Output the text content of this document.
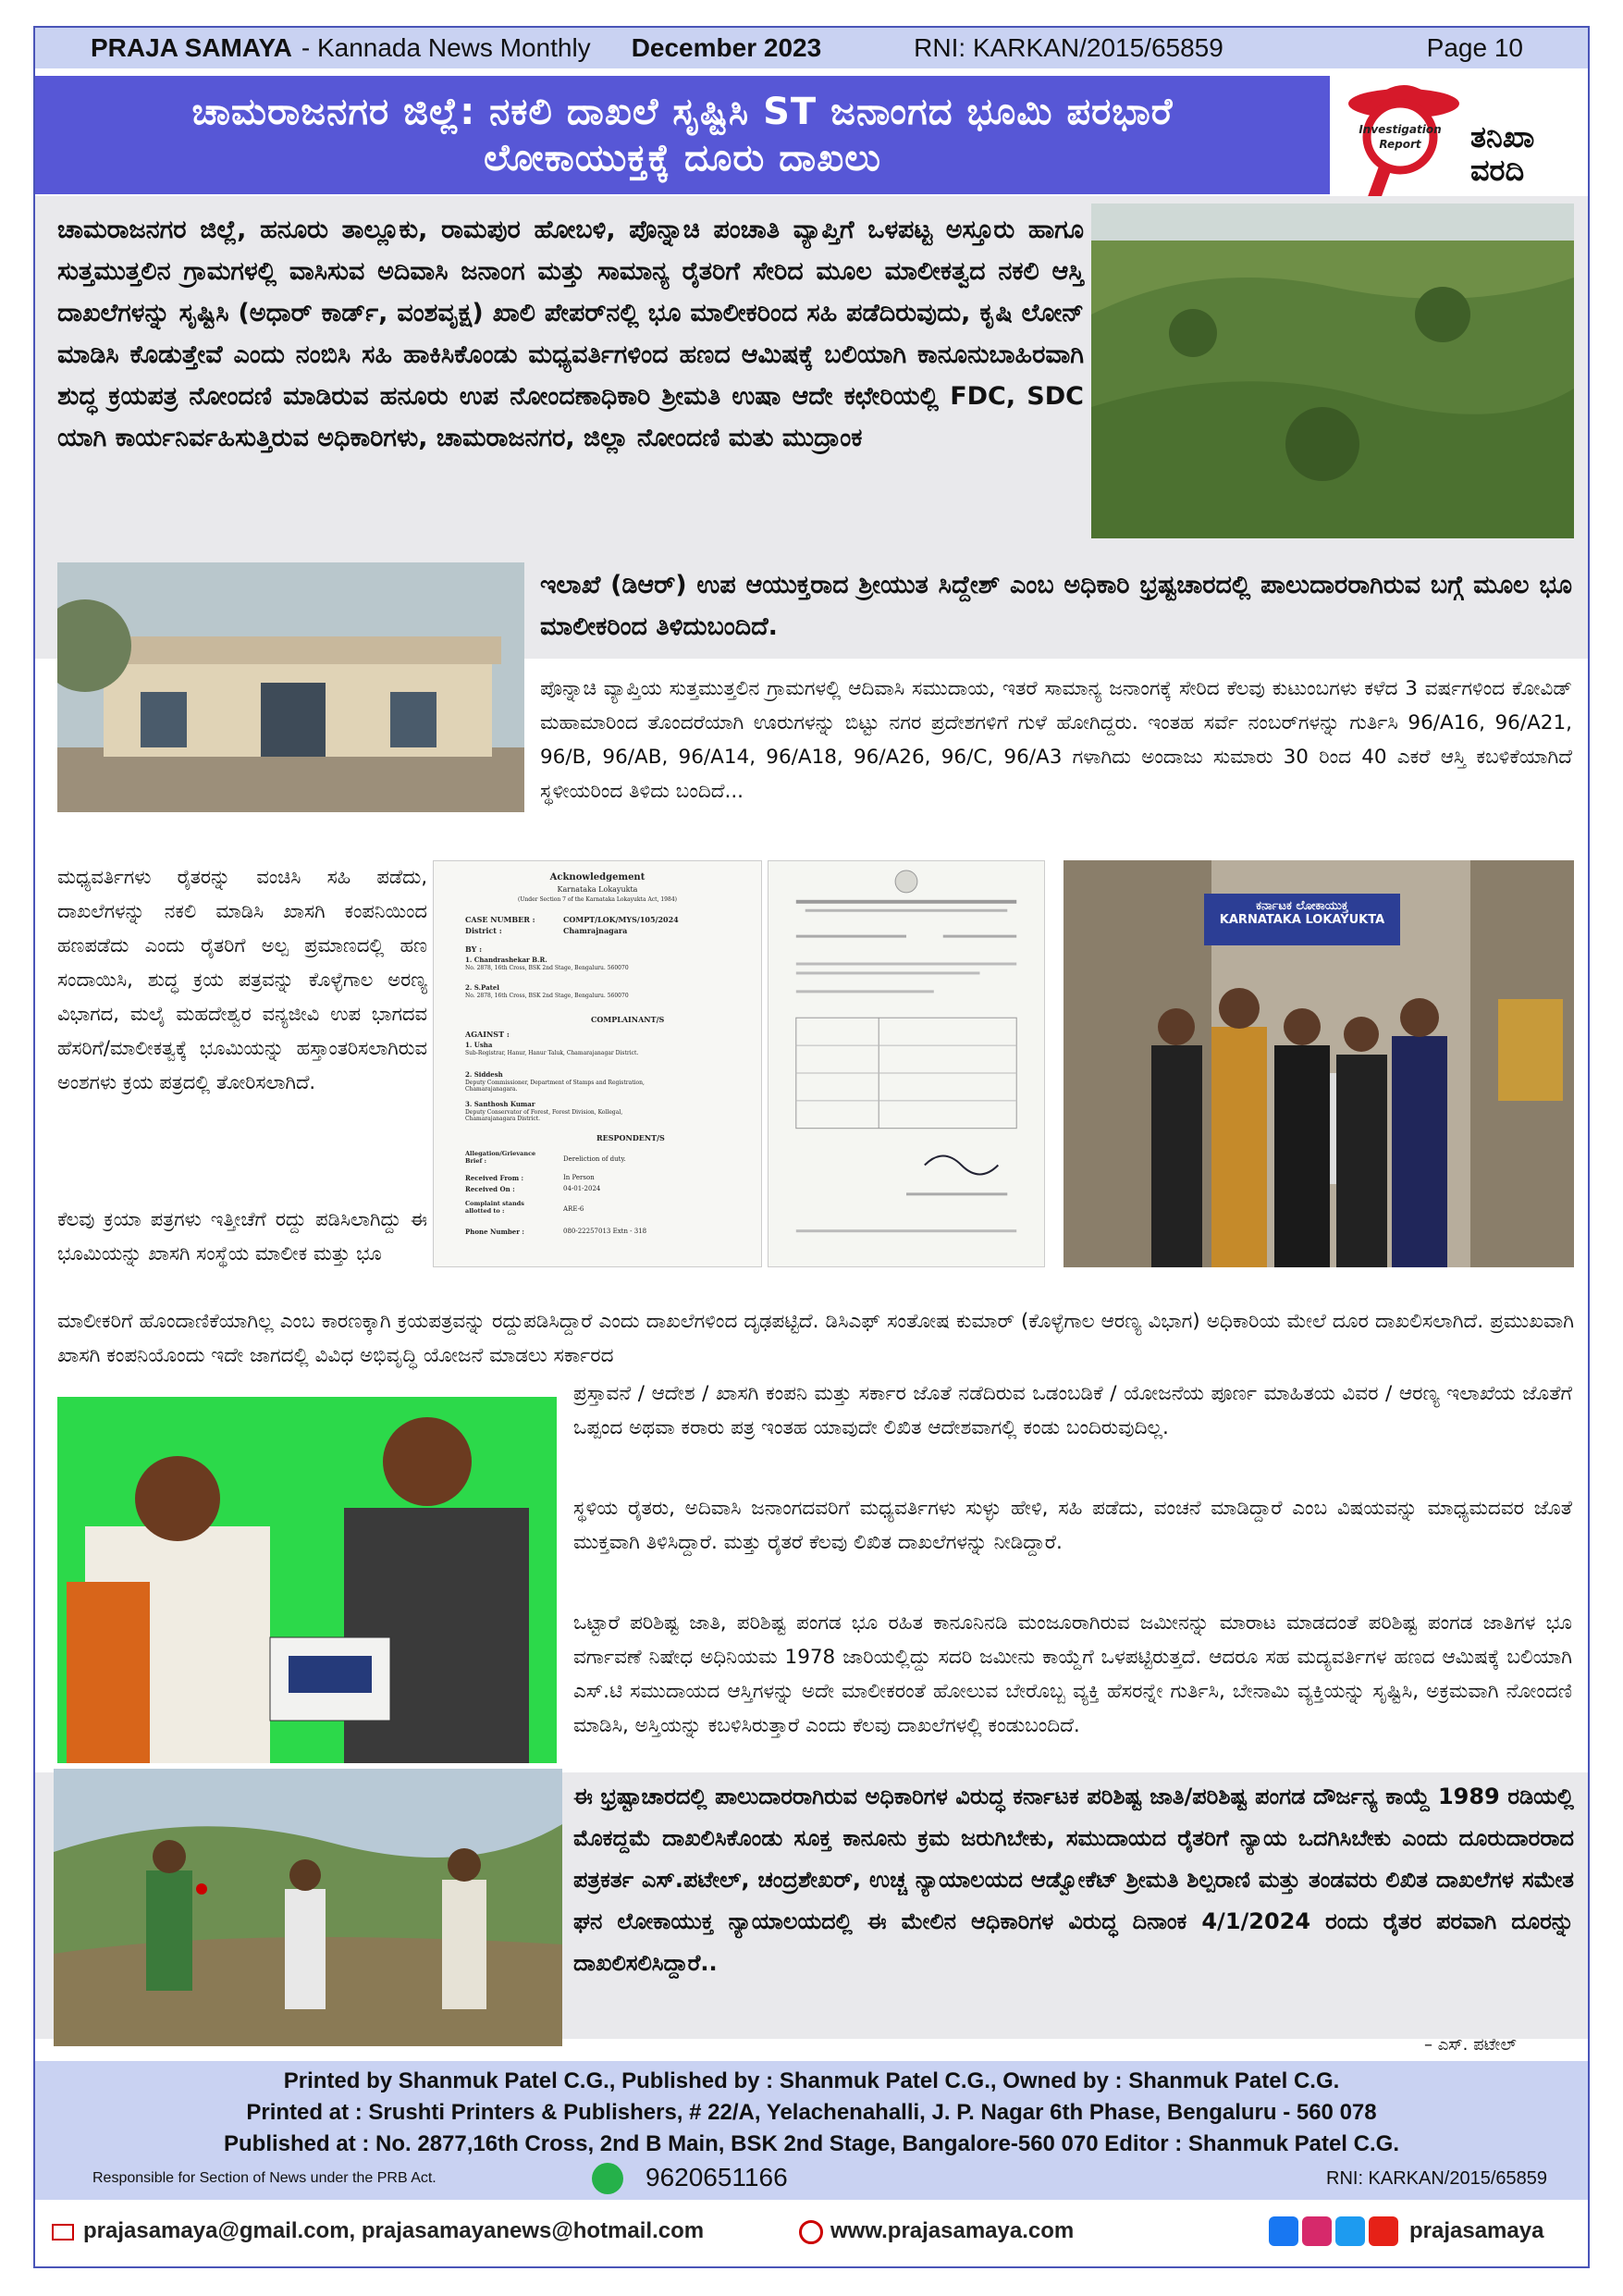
PRAJA SAMAYA - Kannada News Monthly December 2023	RNI: KARKAN/2015/65859	Page 10
ಚಾಮರಾಜನಗರ ಜಿಲ್ಲೆ: ನಕಲಿ ದಾಖಲೆ ಸೃಷ್ಟಿಸಿ ST ಜನಾಂಗದ ಭೂಮಿ ಪರಭಾರೆ
ಲೋಕಾಯುಕ್ತಕ್ಕೆ ದೂರು ದಾಖಲು
Investigation
Report ತನಿಖಾ
ವರದಿ
ಚಾಮರಾಜನಗರ ಜಿಲ್ಲೆ, ಹನೂರು ತಾಲ್ಲೂಕು, ರಾಮಪುರ ಹೋಬಳಿ, ಪೊನ್ನಾಚಿ ಪಂಚಾತಿ ವ್ಯಾಪ್ತಿಗೆ ಒಳಪಟ್ಟ ಅಸ್ತೂರು ಹಾಗೂ ಸುತ್ತಮುತ್ತಲಿನ ಗ್ರಾಮಗಳಲ್ಲಿ ವಾಸಿಸುವ ಅದಿವಾಸಿ ಜನಾಂಗ ಮತ್ತು ಸಾಮಾನ್ಯ ರೈತರಿಗೆ ಸೇರಿದ ಮೂಲ ಮಾಲೀಕತ್ವದ ನಕಲಿ ಆಸ್ತಿ ದಾಖಲೆಗಳನ್ನು ಸೃಷ್ಟಿಸಿ (ಅಧಾರ್ ಕಾರ್ಡ್, ವಂಶವೃಕ್ಷ) ಖಾಲಿ ಪೇಪರ್‌ನಲ್ಲಿ ಭೂ ಮಾಲೀಕರಿಂದ ಸಹಿ ಪಡೆದಿರುವುದು, ಕೃಷಿ ಲೋನ್ ಮಾಡಿಸಿ ಕೊಡುತ್ತೇವೆ ಎಂದು ನಂಬಿಸಿ ಸಹಿ ಹಾಕಿಸಿಕೊಂಡು ಮಧ್ಯವರ್ತಿಗಳಿಂದ ಹಣದ ಆಮಿಷಕ್ಕೆ ಬಲಿಯಾಗಿ ಕಾನೂನುಬಾಹಿರವಾಗಿ ಶುದ್ಧ ಕ್ರಯಪತ್ರ ನೋಂದಣಿ ಮಾಡಿರುವ ಹನೂರು ಉಪ ನೋಂದಣಾಧಿಕಾರಿ ಶ್ರೀಮತಿ ಉಷಾ ಆದೇ ಕಛೇರಿಯಲ್ಲಿ FDC, SDC ಯಾಗಿ ಕಾರ್ಯನಿರ್ವಹಿಸುತ್ತಿರುವ ಅಧಿಕಾರಿಗಳು, ಚಾಮರಾಜನಗರ, ಜಿಲ್ಲಾ ನೋಂದಣಿ ಮತು ಮುದ್ರಾಂಕ
ಇಲಾಖೆ (ಡಿಆರ್) ಉಪ ಆಯುಕ್ತರಾದ ಶ್ರೀಯುತ ಸಿದ್ದೇಶ್ ಎಂಬ ಅಧಿಕಾರಿ ಭ್ರಷ್ಟಚಾರದಲ್ಲಿ ಪಾಲುದಾರರಾಗಿರುವ ಬಗ್ಗೆ ಮೂಲ ಭೂ ಮಾಲೀಕರಿಂದ ತಿಳಿದುಬಂದಿದೆ.
ಪೊನ್ನಾಚಿ ವ್ಯಾಪ್ತಿಯ ಸುತ್ತಮುತ್ತಲಿನ ಗ್ರಾಮಗಳಲ್ಲಿ ಆದಿವಾಸಿ ಸಮುದಾಯ, ಇತರೆ ಸಾಮಾನ್ಯ ಜನಾಂಗಕ್ಕೆ ಸೇರಿದ ಕೆಲವು ಕುಟುಂಬಗಳು ಕಳೆದ 3 ವರ್ಷಗಳಿಂದ ಕೋವಿಡ್ ಮಹಾಮಾರಿಂದ ತೊಂದರೆಯಾಗಿ ಊರುಗಳನ್ನು ಬಿಟ್ಟು ನಗರ ಪ್ರದೇಶಗಳಿಗೆ ಗುಳೆ ಹೋಗಿದ್ದರು. ಇಂತಹ ಸರ್ವೆ ನಂಬರ್‌ಗಳನ್ನು ಗುರ್ತಿಸಿ 96/A16, 96/A21, 96/B, 96/AB, 96/A14, 96/A18, 96/A26, 96/C, 96/A3 ಗಳಾಗಿದು ಅಂದಾಜು ಸುಮಾರು 30 ರಿಂದ 40 ಎಕರೆ ಆಸ್ತಿ ಕಬಳಿಕೆಯಾಗಿದೆ ಸ್ಥಳೀಯರಿಂದ ತಿಳಿದು ಬಂದಿದೆ...
ಮಧ್ಯವರ್ತಿಗಳು ರೈತರನ್ನು ವಂಚಿಸಿ ಸಹಿ ಪಡೆದು, ದಾಖಲೆಗಳನ್ನು ನಕಲಿ ಮಾಡಿಸಿ ಖಾಸಗಿ ಕಂಪನಿಯಿಂದ ಹಣಪಡೆದು ಎಂದು ರೈತರಿಗೆ ಅಲ್ಪ ಪ್ರಮಾಣದಲ್ಲಿ ಹಣ ಸಂದಾಯಿಸಿ, ಶುದ್ಧ ಕ್ರಯ ಪತ್ರವನ್ನು ಕೊಳ್ಳೆಗಾಲ ಅರಣ್ಯ ವಿಭಾಗದ, ಮಲೈ ಮಹದೇಶ್ವರ ವನ್ಯಜೀವಿ ಉಪ ಭಾಗದವ ಹೆಸರಿಗೆ/ಮಾಲೀಕತ್ವಕ್ಕೆ ಭೂಮಿಯನ್ನು ಹಸ್ತಾಂತರಿಸಲಾಗಿರುವ ಅಂಶಗಳು ಕ್ರಯ ಪತ್ರದಲ್ಲಿ ತೋರಿಸಲಾಗಿದೆ.
ಕೆಲವು ಕ್ರಯಾ ಪತ್ರಗಳು ಇತ್ತೀಚೆಗೆ ರದ್ದು ಪಡಿಸಿಲಾಗಿದ್ದು ಈ ಭೂಮಿಯನ್ನು ಖಾಸಗಿ ಸಂಸ್ಥೆಯ ಮಾಲೀಕ ಮತ್ತು ಭೂ
Acknowledgement
Karnataka Lokayukta
(Under Section 7 of the Karnataka Lokayukta Act, 1984)
CASE NUMBER :	COMPT/LOK/MYS/105/2024
District :	Chamrajnagara
BY :
1. Chandrashekar B.R.
No. 2878, 16th Cross, BSK 2nd Stage, Bengaluru. 560070
2. S.Patel
No. 2878, 16th Cross, BSK 2nd Stage, Bengaluru. 560070
COMPLAINANT/S
AGAINST :
1. Usha
Sub-Registrar, Hanur, Hanur Taluk, Chamarajanagar District.
2. Siddesh
Deputy Commissioner, Department of Stamps and Registration, Chamarajanagara.
3. Santhosh Kumar
Deputy Conservator of Forest, Forest Division, Kollegal, Chamarajanagara District.
RESPONDENT/S
Allegation/Grievance Brief :	Dereliction of duty.
Received From :	In Person
Received On :	04-01-2024
Complaint stands allotted to :	ARE-6
Phone Number :	080-22257013 Extn - 318
ಕರ್ನಾಟಕ ಲೋಕಾಯುಕ್ತ
KARNATAKA LOKAYUKTA
ಮಾಲೀಕರಿಗೆ ಹೊಂದಾಣಿಕೆಯಾಗಿಲ್ಲ ಎಂಬ ಕಾರಣಕ್ಕಾಗಿ ಕ್ರಯಪತ್ರವನ್ನು ರದ್ದುಪಡಿಸಿದ್ದಾರೆ ಎಂದು ದಾಖಲೆಗಳಿಂದ ದೃಢಪಟ್ಟಿದೆ. ಡಿಸಿಎಫ್ ಸಂತೋಷ ಕುಮಾರ್ (ಕೊಳ್ಳೆಗಾಲ ಆರಣ್ಯ ವಿಭಾಗ) ಅಧಿಕಾರಿಯ ಮೇಲೆ ದೂರ ದಾಖಲಿಸಲಾಗಿದೆ. ಪ್ರಮುಖವಾಗಿ ಖಾಸಗಿ ಕಂಪನಿಯೊಂದು ಇದೇ ಜಾಗದಲ್ಲಿ ವಿವಿಧ ಅಭಿವೃದ್ಧಿ ಯೋಜನೆ ಮಾಡಲು ಸರ್ಕಾರದ
ಪ್ರಸ್ತಾವನೆ / ಆದೇಶ / ಖಾಸಗಿ ಕಂಪನಿ ಮತ್ತು ಸರ್ಕಾರ ಜೊತೆ ನಡೆದಿರುವ ಒಡಂಬಡಿಕೆ / ಯೋಜನೆಯ ಪೂರ್ಣ ಮಾಹಿತಯ ವಿವರ / ಆರಣ್ಯ ಇಲಾಖೆಯ ಜೊತೆಗೆ ಒಪ್ಪಂದ ಅಥವಾ ಕರಾರು ಪತ್ರ ಇಂತಹ ಯಾವುದೇ ಲಿಖಿತ ಆದೇಶವಾಗಲ್ಲಿ ಕಂಡು ಬಂದಿರುವುದಿಲ್ಲ.
ಸ್ಥಳಿಯ ರೈತರು, ಅದಿವಾಸಿ ಜನಾಂಗದವರಿಗೆ ಮಧ್ಯವರ್ತಿಗಳು ಸುಳ್ಳು ಹೇಳಿ, ಸಹಿ ಪಡೆದು, ವಂಚನೆ ಮಾಡಿದ್ದಾರೆ ಎಂಬ ವಿಷಯವನ್ನು ಮಾಧ್ಯಮದವರ ಜೊತೆ ಮುಕ್ತವಾಗಿ ತಿಳಿಸಿದ್ದಾರೆ. ಮತ್ತು ರೈತರೆ ಕೆಲವು ಲಿಖಿತ ದಾಖಲೆಗಳನ್ನು ನೀಡಿದ್ದಾರೆ.
ಒಟ್ಟಾರೆ ಪರಿಶಿಷ್ಟ ಜಾತಿ, ಪರಿಶಿಷ್ಟ ಪಂಗಡ ಭೂ ರಹಿತ ಕಾನೂನಿನಡಿ ಮಂಜೂರಾಗಿರುವ ಜಮೀನನ್ನು ಮಾರಾಟ ಮಾಡದಂತೆ ಪರಿಶಿಷ್ಟ ಪಂಗಡ ಜಾತಿಗಳ ಭೂ ವರ್ಗಾವಣೆ ನಿಷೇಧ ಅಧಿನಿಯಮ 1978 ಜಾರಿಯಲ್ಲಿದ್ದು ಸದರಿ ಜಮೀನು ಕಾಯ್ದೆಗೆ ಒಳಪಟ್ಟಿರುತ್ತದೆ. ಆದರೂ ಸಹ ಮದ್ಯವರ್ತಿಗಳ ಹಣದ ಆಮಿಷಕ್ಕೆ ಬಲಿಯಾಗಿ ಎಸ್.ಟಿ ಸಮುದಾಯದ ಆಸ್ತಿಗಳನ್ನು ಅದೇ ಮಾಲೀಕರಂತೆ ಹೋಲುವ ಬೇರೊಬ್ಬ ವ್ಯಕ್ತಿ ಹೆಸರನ್ನೇ ಗುರ್ತಿಸಿ, ಬೇನಾಮಿ ವ್ಯಕ್ತಿಯನ್ನು ಸೃಷ್ಟಿಸಿ, ಅಕ್ರಮವಾಗಿ ನೋಂದಣಿ ಮಾಡಿಸಿ, ಅಸ್ತಿಯನ್ನು ಕಬಳಿಸಿರುತ್ತಾರೆ ಎಂದು ಕೆಲವು ದಾಖಲೆಗಳಲ್ಲಿ ಕಂಡುಬಂದಿದೆ.
ಈ ಭ್ರಷ್ಟಾಚಾರದಲ್ಲಿ ಪಾಲುದಾರರಾಗಿರುವ ಅಧಿಕಾರಿಗಳ ವಿರುದ್ಧ ಕರ್ನಾಟಕ ಪರಿಶಿಷ್ಟ ಜಾತಿ/ಪರಿಶಿಷ್ಟ ಪಂಗಡ ದೌರ್ಜನ್ಯ ಕಾಯ್ದೆ 1989 ರಡಿಯಲ್ಲಿ ಮೊಕದ್ದಮೆ ದಾಖಲಿಸಿಕೊಂಡು ಸೂಕ್ತ ಕಾನೂನು ಕ್ರಮ ಜರುಗಿಬೇಕು, ಸಮುದಾಯದ ರೈತರಿಗೆ ನ್ಯಾಯ ಒದಗಿಸಿಬೇಕು ಎಂದು ದೂರುದಾರರಾದ ಪತ್ರಕರ್ತ ಎಸ್.ಪಟೇಲ್, ಚಂದ್ರಶೇಖರ್, ಉಚ್ಚ ನ್ಯಾಯಾಲಯದ ಆಡ್ವೋಕೆಟ್ ಶ್ರೀಮತಿ ಶಿಲ್ಪರಾಣಿ ಮತ್ತು ತಂಡವರು ಲಿಖಿತ ದಾಖಲೆಗಳ ಸಮೇತ ಘನ ಲೋಕಾಯುಕ್ತ ನ್ಯಾಯಾಲಯದಲ್ಲಿ ಈ ಮೇಲಿನ ಆಧಿಕಾರಿಗಳ ವಿರುದ್ಧ ದಿನಾಂಕ 4/1/2024 ರಂದು ರೈತರ ಪರವಾಗಿ ದೂರನ್ನು ದಾಖಲಿಸಲಿಸಿದ್ದಾರೆ..
– ಎಸ್. ಪಟೇಲ್
Printed by Shanmuk Patel C.G., Published by : Shanmuk Patel C.G., Owned by : Shanmuk Patel C.G.
Printed at : Srushti Printers & Publishers, # 22/A, Yelachenahalli, J. P. Nagar 6th Phase, Bengaluru - 560 078
Published at : No. 2877,16th Cross, 2nd B Main, BSK 2nd Stage, Bangalore-560 070 Editor : Shanmuk Patel C.G.
Responsible for Section of News under the PRB Act.	9620651166	RNI: KARKAN/2015/65859
prajasamaya@gmail.com, prajasamayanews@hotmail.com	www.prajasamaya.com	prajasamaya
